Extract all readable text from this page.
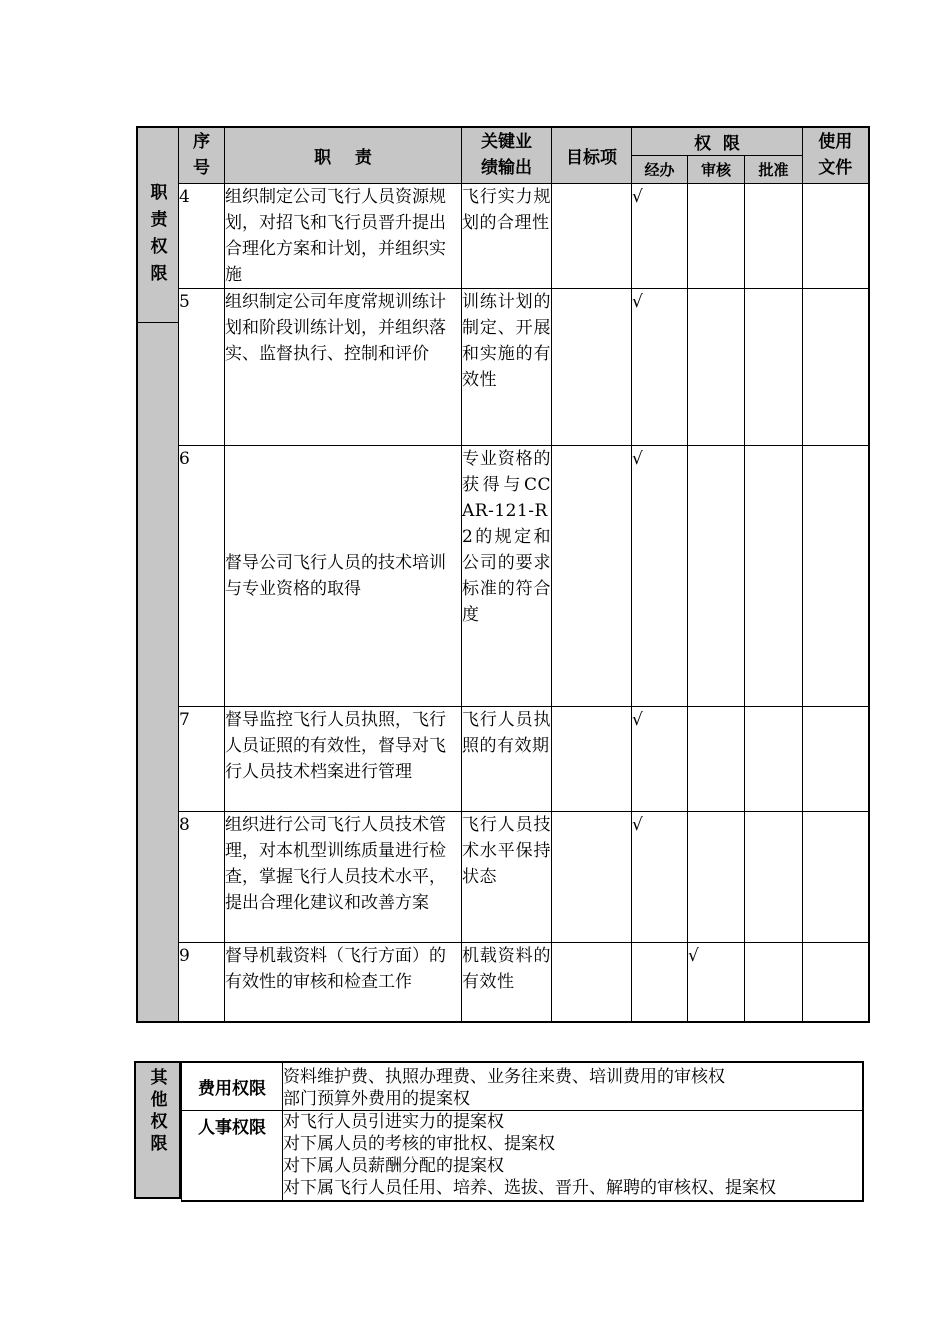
职
责
权
限
序
号	职    责	关键业
绩输出	目标项	权  限			使用
文件
				经办	审核	批准	
4	组织制定公司飞行人员资源规划，对招飞和飞行员晋升提出合理化方案和计划，并组织实施	飞行实力规划的合理性		√			
5	组织制定公司年度常规训练计划和阶段训练计划，并组织落实、监督执行、控制和评价	训练计划的制定、开展和实施的有效性		√			
6	督导公司飞行人员的技术培训与专业资格的取得	专业资格的获得与CCAR-121-R2的规定和公司的要求标准的符合度		√			
7	督导监控飞行人员执照，飞行人员证照的有效性，督导对飞行人员技术档案进行管理	飞行人员执照的有效期		√			
8	组织进行公司飞行人员技术管理，对本机型训练质量进行检查，掌握飞行人员技术水平，提出合理化建议和改善方案	飞行人员技术水平保持状态		√			
9	督导机载资料（飞行方面）的有效性的审核和检查工作	机载资料的有效性			√		
其
他
权
限
费用权限	资料维护费、执照办理费、业务往来费、培训费用的审核权
部门预算外费用的提案权

人事权限	对飞行人员引进实力的提案权
对下属人员的考核的审批权、提案权
对下属人员薪酬分配的提案权
对下属飞行人员任用、培养、选拔、晋升、解聘的审核权、提案权
